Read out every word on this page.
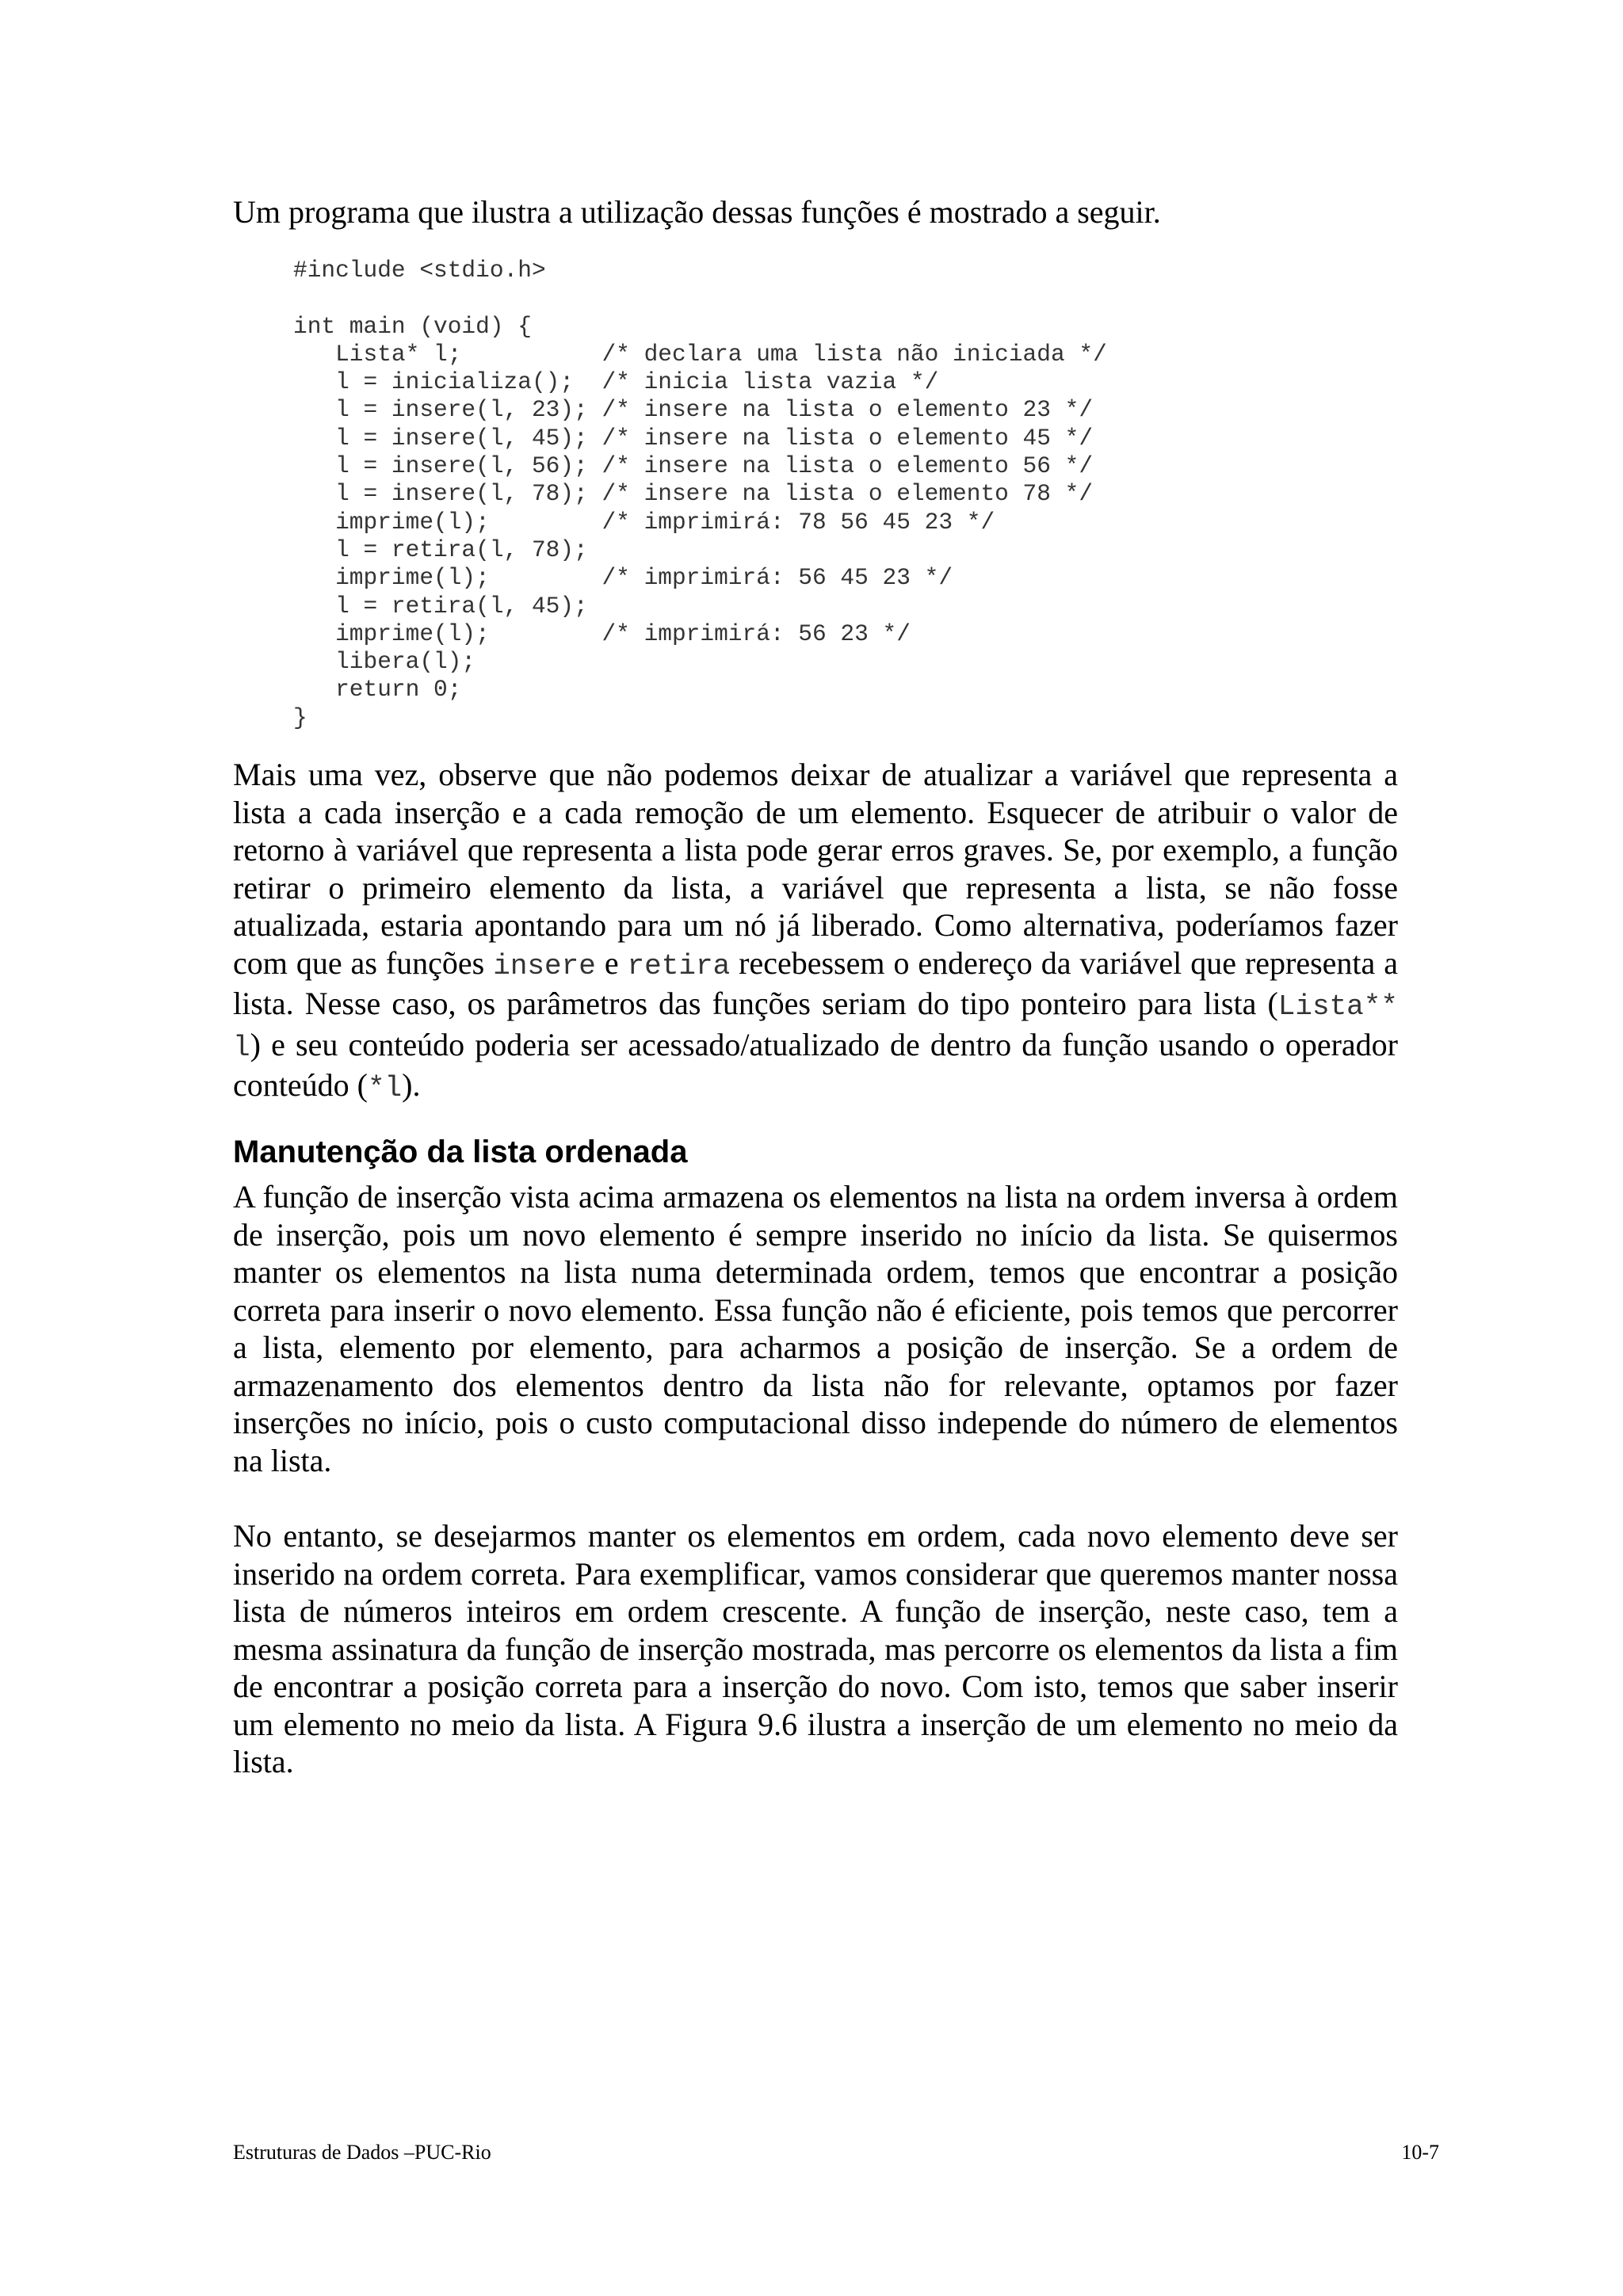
Um programa que ilustra a utilização dessas funções é mostrado a seguir.

#include <stdio.h>
int main (void) {
Lista* l;          /* declara uma lista não iniciada */
l = inicializa();  /* inicia lista vazia */
l = insere(l, 23); /* insere na lista o elemento 23 */
l = insere(l, 45); /* insere na lista o elemento 45 */
l = insere(l, 56); /* insere na lista o elemento 56 */
l = insere(l, 78); /* insere na lista o elemento 78 */
imprime(l);        /* imprimirá: 78 56 45 23 */
l = retira(l, 78);
imprime(l);        /* imprimirá: 56 45 23 */
l = retira(l, 45);
imprime(l);        /* imprimirá: 56 23 */
libera(l);
return 0;
}

Mais uma vez, observe que não podemos deixar de atualizar a variável que representa a lista a cada inserção e a cada remoção de um elemento. Esquecer de atribuir o valor de retorno à variável que representa a lista pode gerar erros graves. Se, por exemplo, a função retirar o primeiro elemento da lista, a variável que representa a lista, se não fosse atualizada, estaria apontando para um nó já liberado. Como alternativa, poderíamos fazer com que as funções insere e retira recebessem o endereço da variável que representa a lista. Nesse caso, os parâmetros das funções seriam do tipo ponteiro para lista (Lista** l) e seu conteúdo poderia ser acessado/atualizado de dentro da função usando o operador conteúdo (*l).

Manutenção da lista ordenada

A função de inserção vista acima armazena os elementos na lista na ordem inversa à ordem de inserção, pois um novo elemento é sempre inserido no início da lista. Se quisermos manter os elementos na lista numa determinada ordem, temos que encontrar a posição correta para inserir o novo elemento. Essa função não é eficiente, pois temos que percorrer a lista, elemento por elemento, para acharmos a posição de inserção. Se a ordem de armazenamento dos elementos dentro da lista não for relevante, optamos por fazer inserções no início, pois o custo computacional disso independe do número de elementos na lista.

No entanto, se desejarmos manter os elementos em ordem, cada novo elemento deve ser inserido na ordem correta. Para exemplificar, vamos considerar que queremos manter nossa lista de números inteiros em ordem crescente. A função de inserção, neste caso, tem a mesma assinatura da função de inserção mostrada, mas percorre os elementos da lista a fim de encontrar a posição correta para a inserção do novo. Com isto, temos que saber inserir um elemento no meio da lista. A Figura 9.6 ilustra a inserção de um elemento no meio da lista.

Estruturas de Dados –PUC-Rio	10-7
